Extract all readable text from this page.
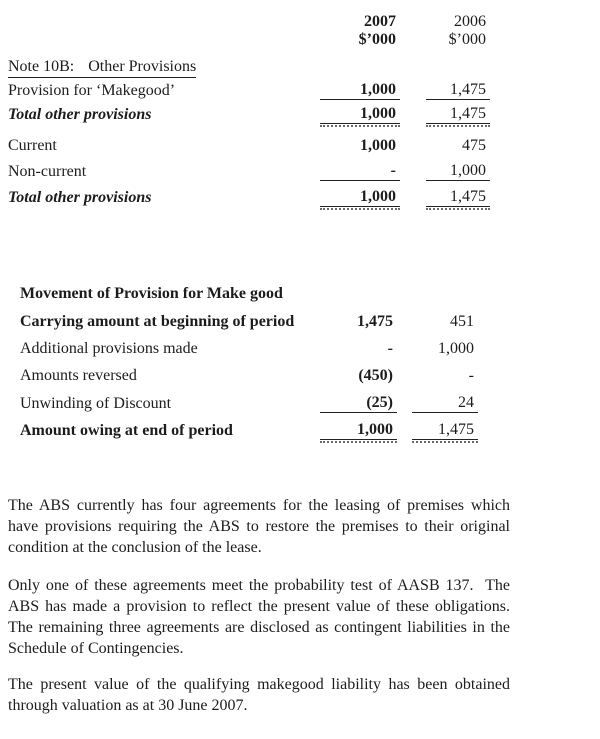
2007	2006
$’000	$’000
Note 10B: Other Provisions
Provision for ‘Makegood’	1,000	1,475
Total other provisions	1,000	1,475
Current	1,000	475
Non-current	-	1,000
Total other provisions	1,000	1,475
Movement of Provision for Make good
Carrying amount at beginning of period	1,475	451
Additional provisions made	-	1,000
Amounts reversed	(450)	-
Unwinding of Discount	(25)	24
Amount owing at end of period	1,000	1,475

The ABS currently has four agreements for the leasing of premises which have provisions requiring the ABS to restore the premises to their original condition at the conclusion of the lease.

Only one of these agreements meet the probability test of AASB 137.  The ABS has made a provision to reflect the present value of these obligations.  The remaining three agreements are disclosed as contingent liabilities in the Schedule of Contingencies.

The present value of the qualifying makegood liability has been obtained through valuation as at 30 June 2007.
